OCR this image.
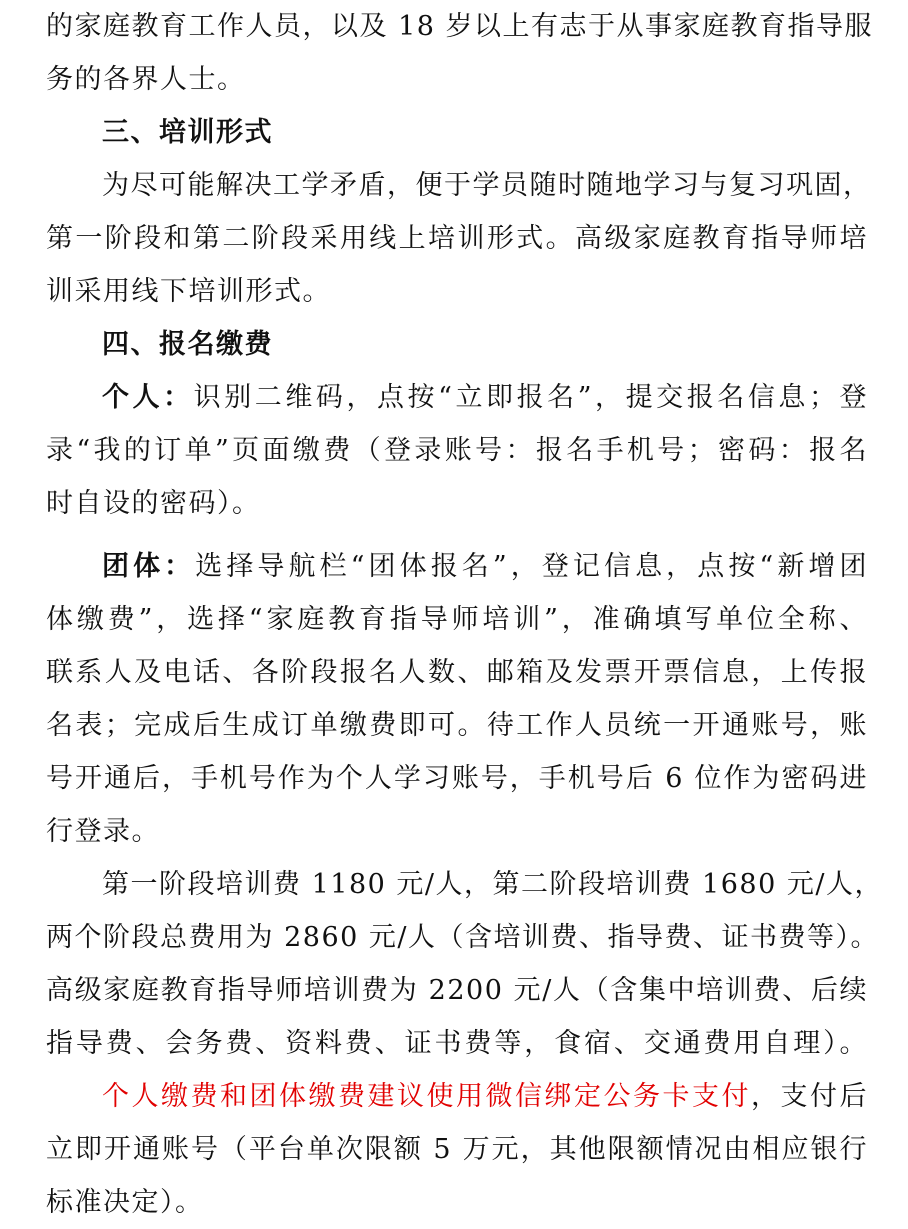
的家庭教育工作人员，以及 18 岁以上有志于从事家庭教育指导服
务的各界人士。
三、培训形式
为尽可能解决工学矛盾，便于学员随时随地学习与复习巩固，
第一阶段和第二阶段采用线上培训形式。高级家庭教育指导师培
训采用线下培训形式。
四、报名缴费
个人：识别二维码，点按“立即报名”，提交报名信息；登
录“我的订单”页面缴费（登录账号：报名手机号；密码：报名
时自设的密码）。
团体：选择导航栏“团体报名”，登记信息，点按“新增团
体缴费”，选择“家庭教育指导师培训”，准确填写单位全称、
联系人及电话、各阶段报名人数、邮箱及发票开票信息，上传报
名表；完成后生成订单缴费即可。待工作人员统一开通账号，账
号开通后，手机号作为个人学习账号，手机号后 6 位作为密码进
行登录。
第一阶段培训费 1180 元/人，第二阶段培训费 1680 元/人，
两个阶段总费用为 2860 元/人（含培训费、指导费、证书费等）。
高级家庭教育指导师培训费为 2200 元/人（含集中培训费、后续
指导费、会务费、资料费、证书费等，食宿、交通费用自理）。
个人缴费和团体缴费建议使用微信绑定公务卡支付，支付后
立即开通账号（平台单次限额 5 万元，其他限额情况由相应银行
标准决定）。
